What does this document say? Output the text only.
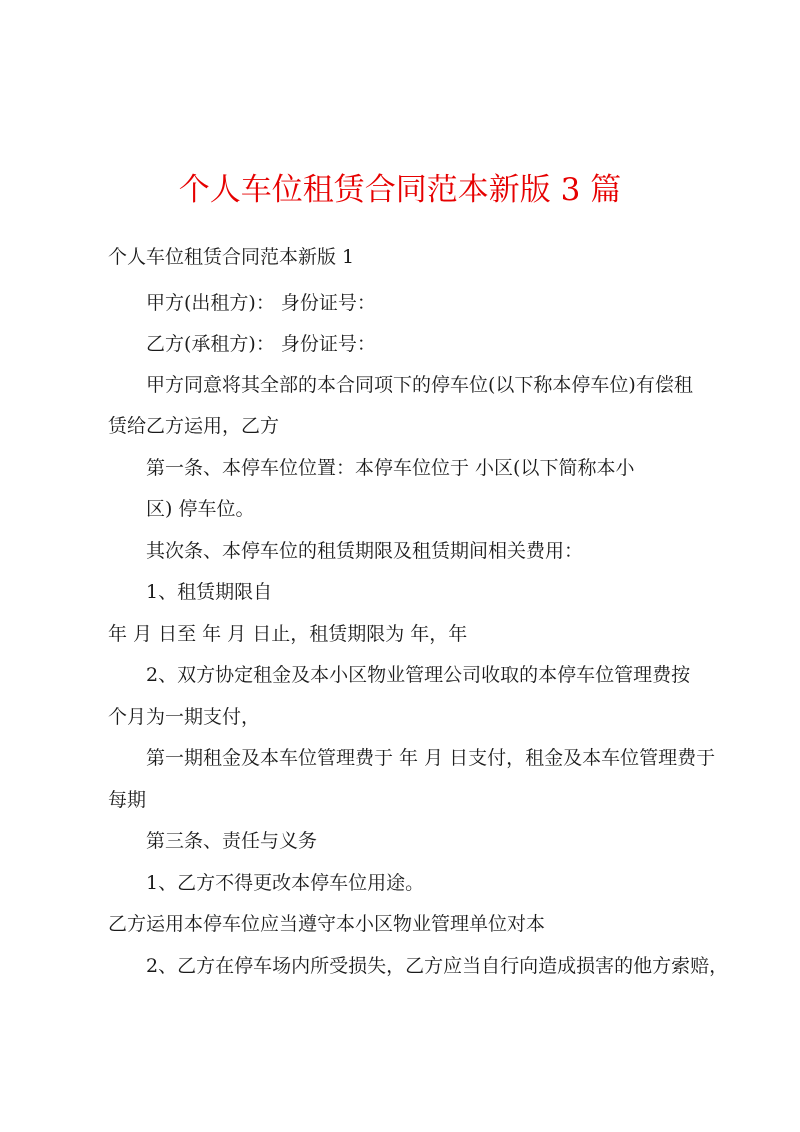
个人车位租赁合同范本新版 3 篇
个人车位租赁合同范本新版 1
甲方(出租方)： 身份证号：
乙方(承租方)： 身份证号：
甲方同意将其全部的本合同项下的停车位(以下称本停车位)有偿租
赁给乙方运用，乙方
第一条、本停车位位置：本停车位位于 小区(以下简称本小
区) 停车位。
其次条、本停车位的租赁期限及租赁期间相关费用：
1、租赁期限自
年 月 日至 年 月 日止，租赁期限为 年，年
2、双方协定租金及本小区物业管理公司收取的本停车位管理费按
个月为一期支付，
第一期租金及本车位管理费于 年 月 日支付，租金及本车位管理费于
每期
第三条、责任与义务
1、乙方不得更改本停车位用途。
乙方运用本停车位应当遵守本小区物业管理单位对本
2、乙方在停车场内所受损失，乙方应当自行向造成损害的他方索赔，
